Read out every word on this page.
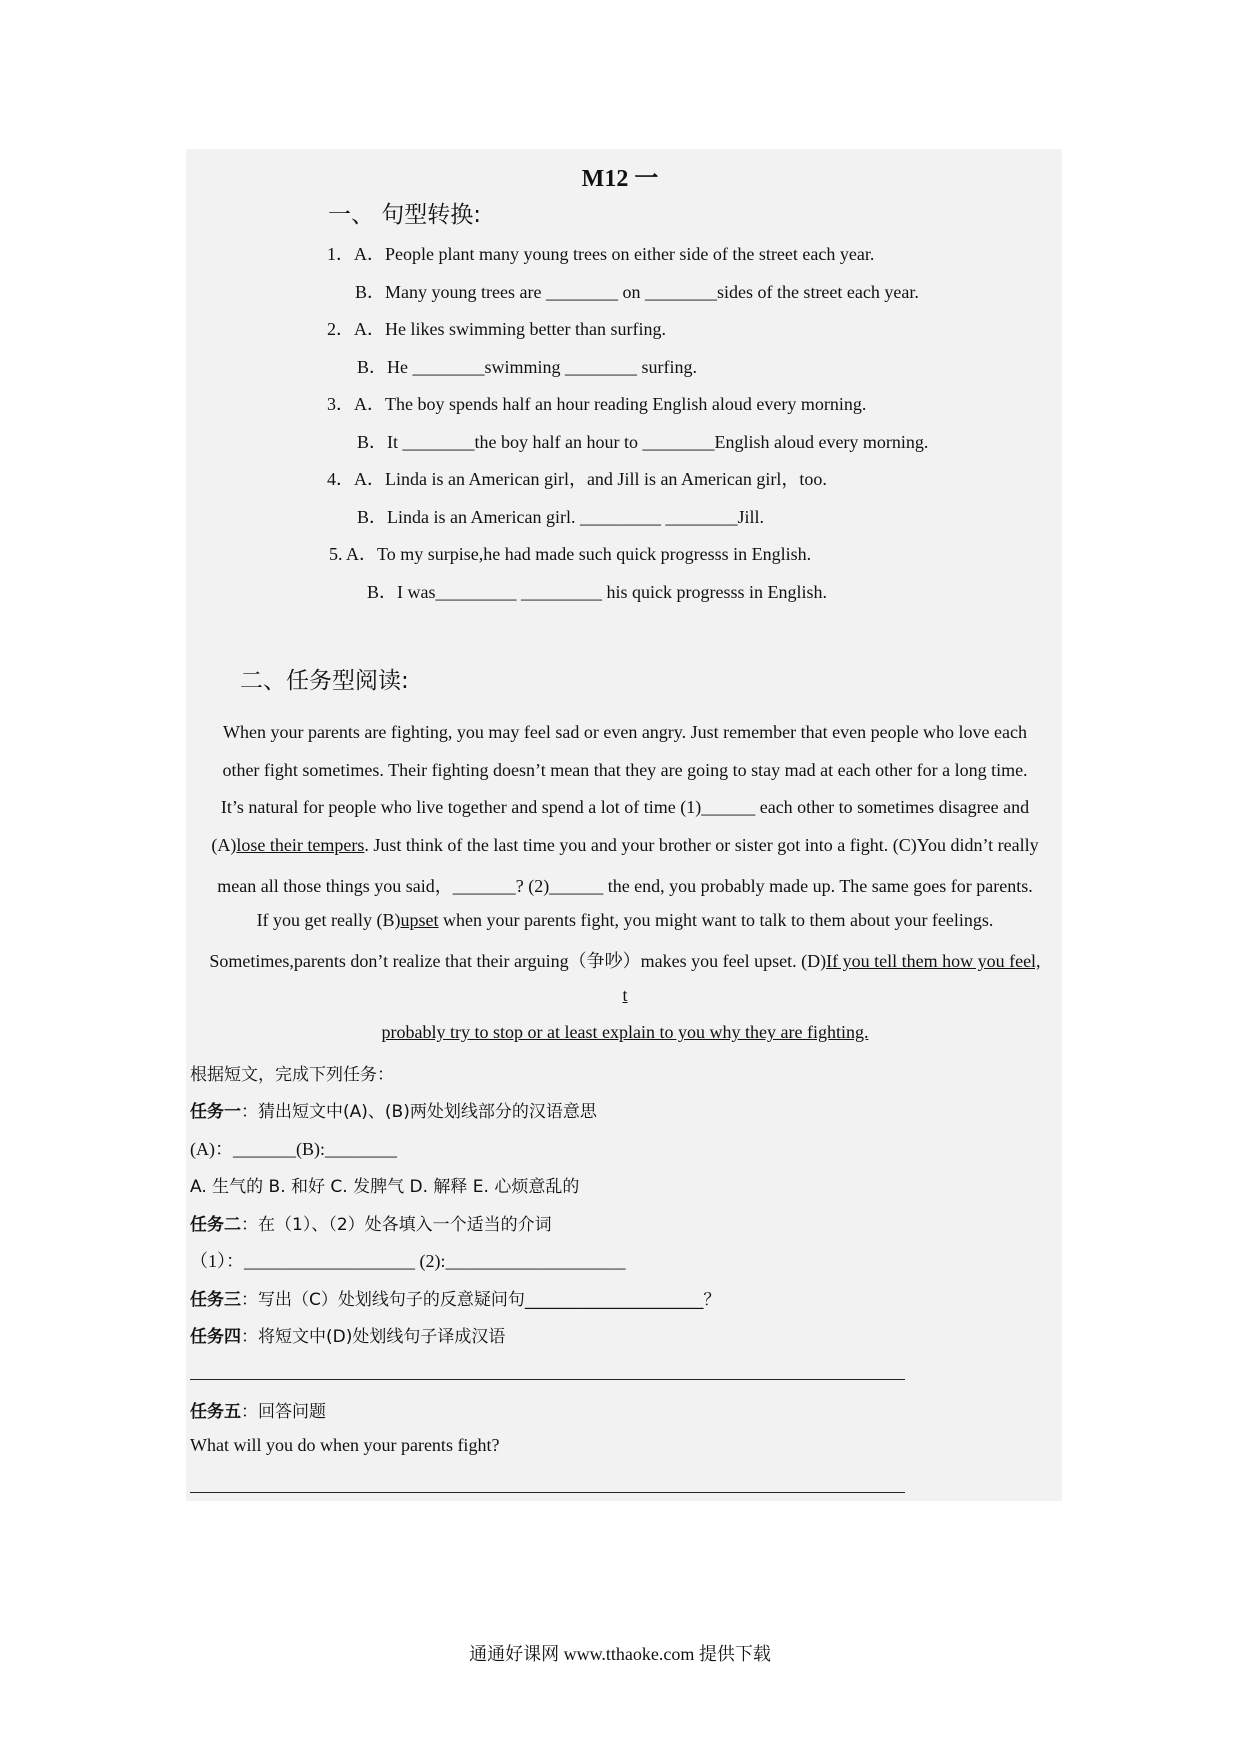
M12 一
一、 句型转换:
1．A．People plant many young trees on either side of the street each year.
B．Many young trees are ________ on ________sides of the street each year.
2．A．He likes swimming better than surfing.
B．He ________swimming ________ surfing.
3．A．The boy spends half an hour reading English aloud every morning.
B．It ________the boy half an hour to ________English aloud every morning.
4．A．Linda is an American girl，and Jill is an American girl，too.
B．Linda is an American girl. _________ ________Jill.
5. A．To my surpise,he had made such quick progresss in English.
B．I was_________ _________ his quick progresss in English.
二、任务型阅读:
When your parents are fighting, you may feel sad or even angry. Just remember that even people who love each
other fight sometimes. Their fighting doesn’t mean that they are going to stay mad at each other for a long time.
It’s natural for people who live together and spend a lot of time (1)______ each other to sometimes disagree and
(A)lose their tempers. Just think of the last time you and your brother or sister got into a fight. (C)You didn’t really
mean all those things you said，_______? (2)______ the end, you probably made up. The same goes for parents.
If you get really (B)upset when your parents fight, you might want to talk to them about your feelings.
Sometimes,parents don’t realize that their arguing（争吵）makes you feel upset. (D)If you tell them how you feel,
t
probably try to stop or at least explain to you why they are fighting.
根据短文，完成下列任务：
任务一：猜出短文中(A)、(B)两处划线部分的汉语意思
(A)：_______(B):________
A. 生气的 B. 和好 C. 发脾气 D. 解释 E. 心烦意乱的
任务二：在（1）、（2）处各填入一个适当的介词
（1）：___________________ (2):____________________
任务三：写出（C）处划线句子的反意疑问句_____________________？
任务四：将短文中(D)处划线句子译成汉语
任务五：回答问题
What will you do when your parents fight?
通通好课网 www.tthaoke.com 提供下载
